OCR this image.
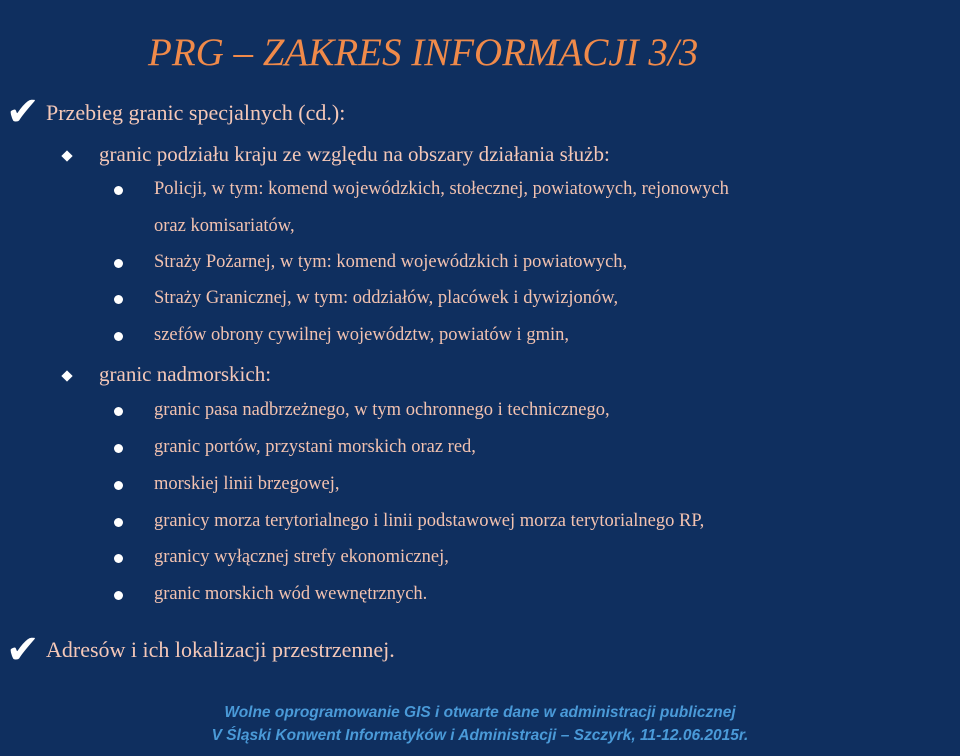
PRG – ZAKRES INFORMACJI 3/3
✔ Przebieg granic specjalnych (cd.):
granic podziału kraju ze względu na obszary działania służb:
Policji, w tym: komend wojewódzkich, stołecznej, powiatowych, rejonowych
oraz komisariatów,
Straży Pożarnej, w tym: komend wojewódzkich i powiatowych,
Straży Granicznej, w tym: oddziałów, placówek i dywizjonów,
szefów obrony cywilnej województw, powiatów i gmin,
granic nadmorskich:
granic pasa nadbrzeżnego, w tym ochronnego i technicznego,
granic portów, przystani morskich oraz red,
morskiej linii brzegowej,
granicy morza terytorialnego i linii podstawowej morza terytorialnego RP,
granicy wyłącznej strefy ekonomicznej,
granic morskich wód wewnętrznych.
✔ Adresów i ich lokalizacji przestrzennej.
Wolne oprogramowanie GIS i otwarte dane w administracji publicznej
V Śląski Konwent Informatyków i Administracji – Szczyrk, 11-12.06.2015r.
